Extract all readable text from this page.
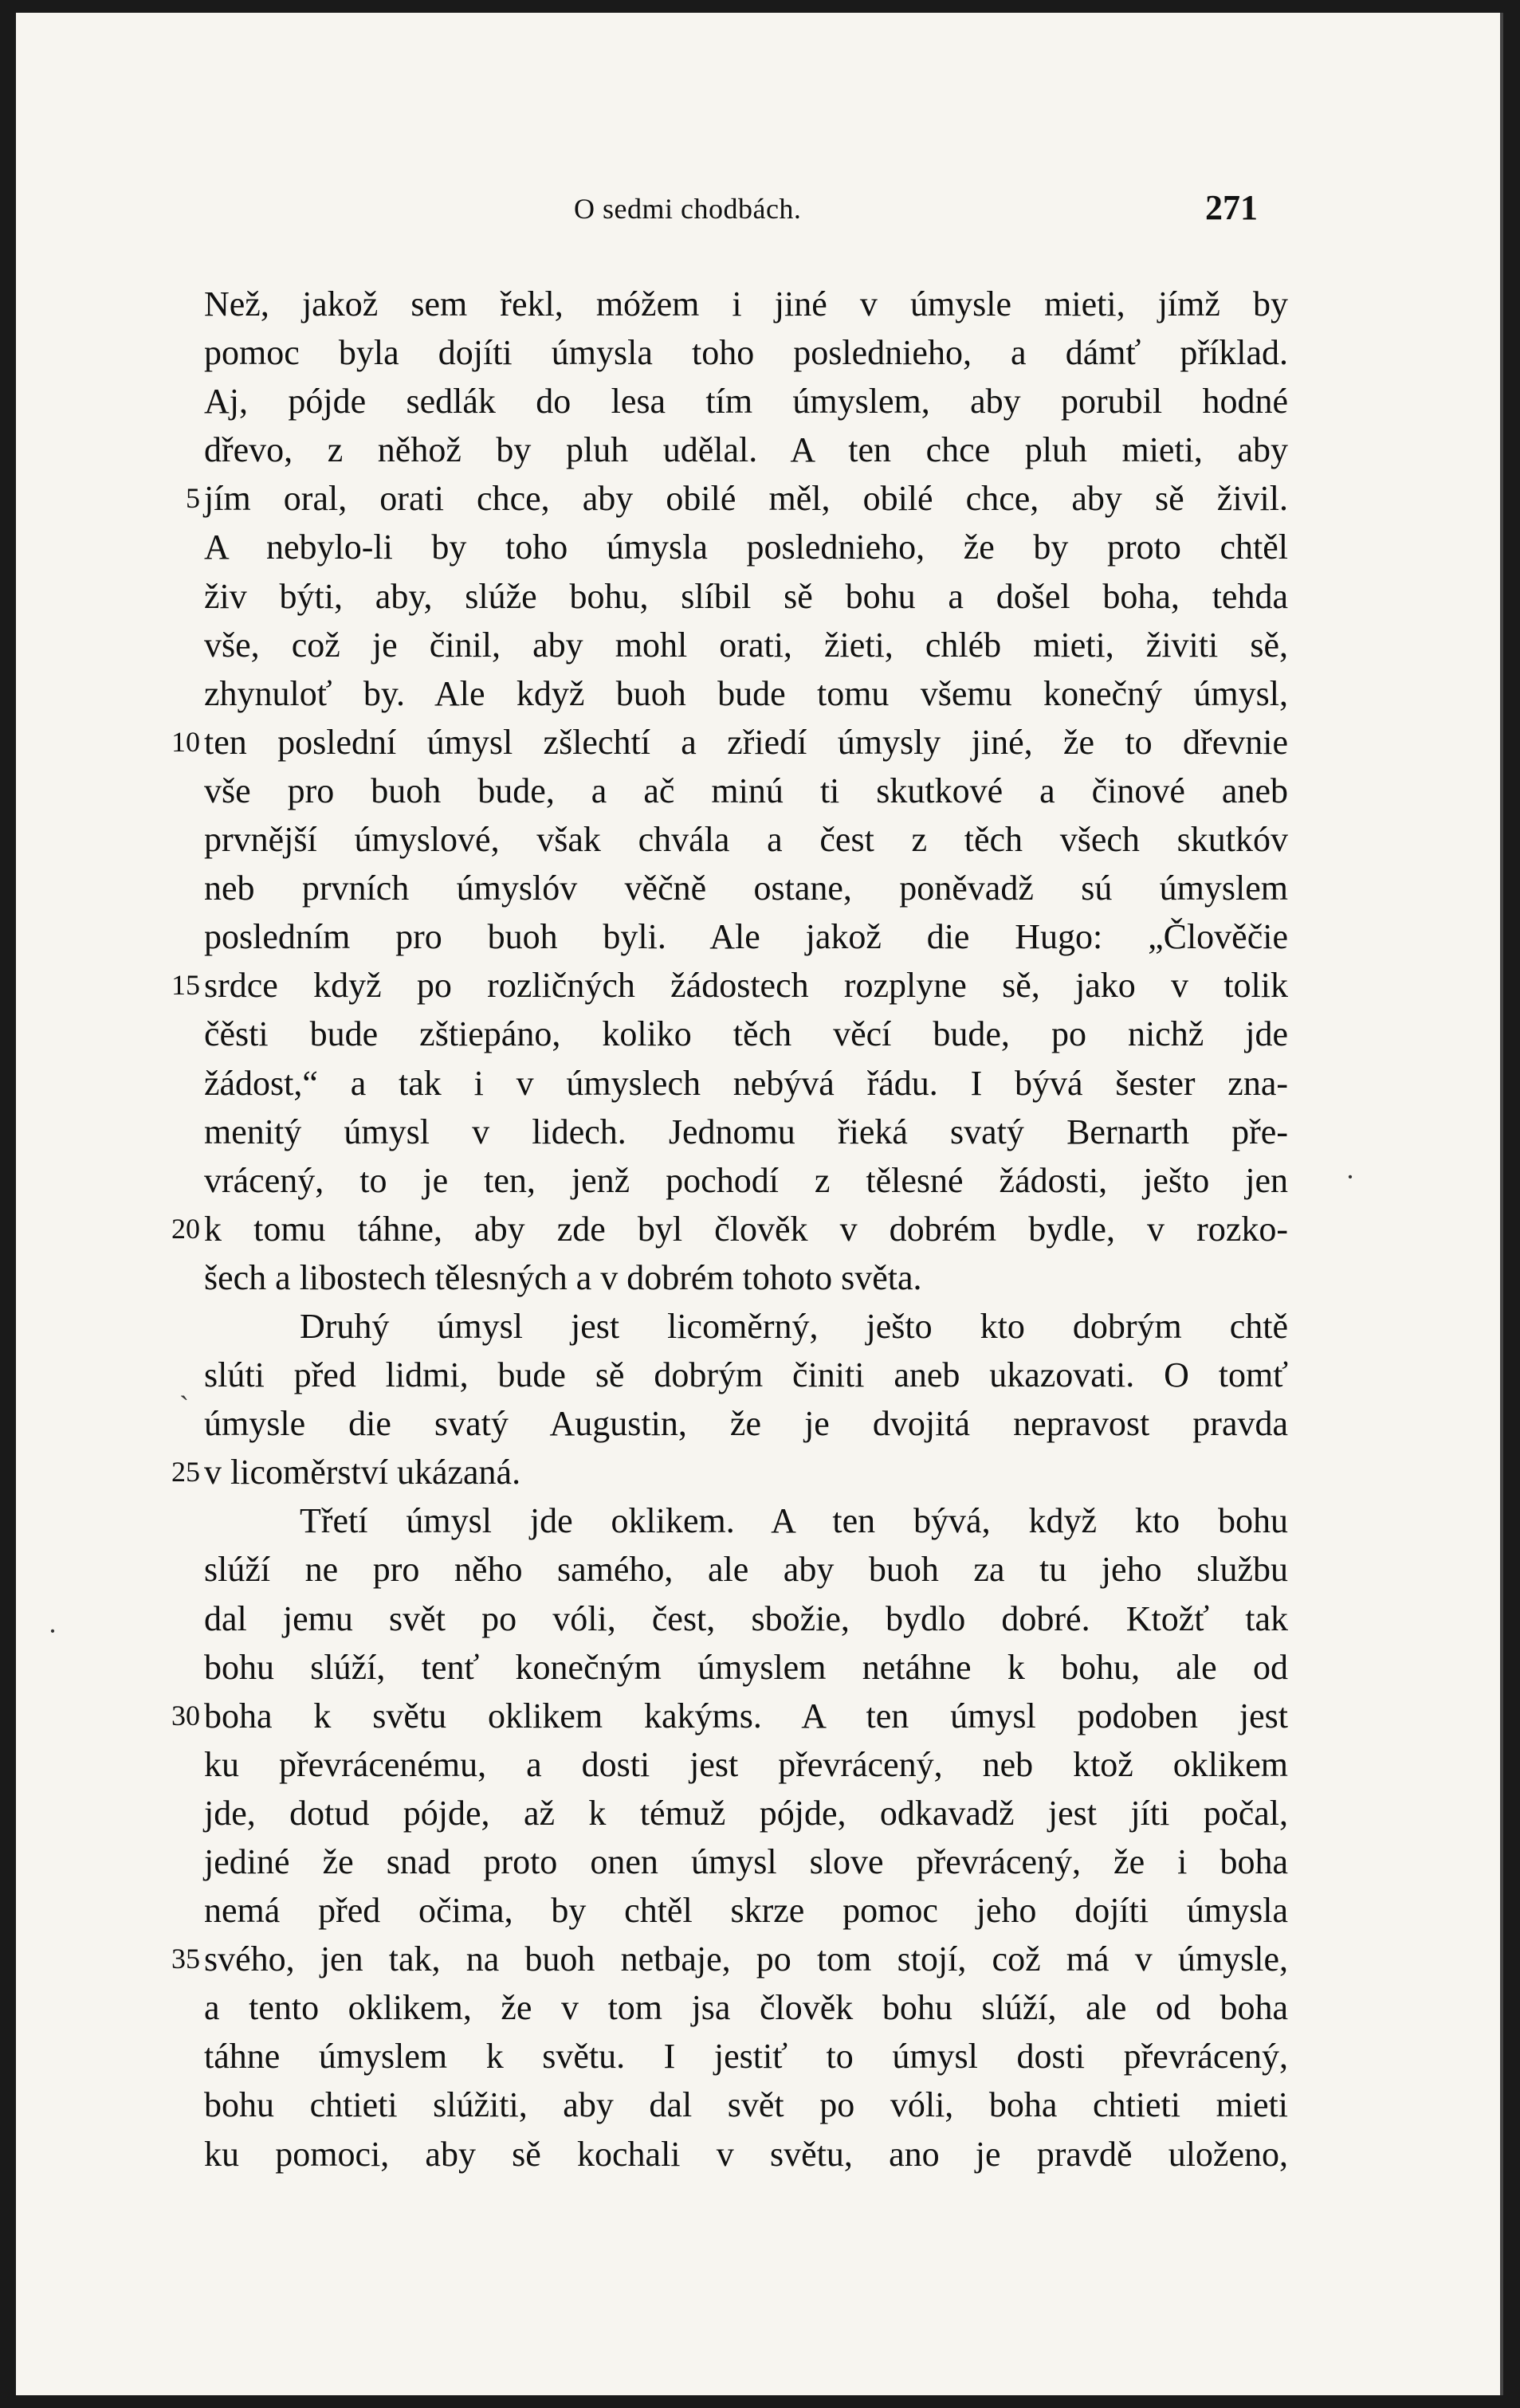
O sedmi chodbách.	271
Než, jakož sem řekl, móžem i jiné v úmysle mieti, jímž by
pomoc byla dojíti úmysla toho poslednieho, a dámť příklad.
Aj, pójde sedlák do lesa tím úmyslem, aby porubil hodné
dřevo, z něhož by pluh udělal. A ten chce pluh mieti, aby
5 jím oral, orati chce, aby obilé měl, obilé chce, aby sě živil.
A nebylo-li by toho úmysla poslednieho, že by proto chtěl
živ býti, aby, slúže bohu, slíbil sě bohu a došel boha, tehda
vše, což je činil, aby mohl orati, žieti, chléb mieti, živiti sě,
zhynuloť by. Ale když buoh bude tomu všemu konečný úmysl,
10 ten poslední úmysl zšlechtí a zřiedí úmysly jiné, že to dřevnie
vše pro buoh bude, a ač minú ti skutkové a činové aneb
prvnější úmyslové, však chvála a čest z těch všech skutkóv
neb prvních úmyslóv věčně ostane, poněvadž sú úmyslem
posledním pro buoh byli. Ale jakož die Hugo: „Člověčie
15 srdce když po rozličných žádostech rozplyne sě, jako v tolik
čěsti bude zštiepáno, koliko těch věcí bude, po nichž jde
žádost,“ a tak i v úmyslech nebývá řádu. I bývá šester zna-
menitý úmysl v lidech. Jednomu řieká svatý Bernarth pře-
vrácený, to je ten, jenž pochodí z tělesné žádosti, ješto jen
20 k tomu táhne, aby zde byl člověk v dobrém bydle, v rozko-
šech a libostech tělesných a v dobrém tohoto světa.
Druhý úmysl jest licoměrný, ješto kto dobrým chtě
slúti před lidmi, bude sě dobrým činiti aneb ukazovati. O tomť
úmysle die svatý Augustin, že je dvojitá nepravost pravda
25 v licoměrství ukázaná.
Třetí úmysl jde oklikem. A ten bývá, když kto bohu
slúží ne pro něho samého, ale aby buoh za tu jeho službu
dal jemu svět po vóli, čest, sbožie, bydlo dobré. Ktožť tak
bohu slúží, tenť konečným úmyslem netáhne k bohu, ale od
30 boha k světu oklikem kakýms. A ten úmysl podoben jest
ku převrácenému, a dosti jest převrácený, neb ktož oklikem
jde, dotud pójde, až k témuž pójde, odkavadž jest jíti počal,
jediné že snad proto onen úmysl slove převrácený, že i boha
nemá před očima, by chtěl skrze pomoc jeho dojíti úmysla
35 svého, jen tak, na buoh netbaje, po tom stojí, což má v úmysle,
a tento oklikem, že v tom jsa člověk bohu slúží, ale od boha
táhne úmyslem k světu. I jestiť to úmysl dosti převrácený,
bohu chtieti slúžiti, aby dal svět po vóli, boha chtieti mieti
ku pomoci, aby sě kochali v světu, ano je pravdě uloženo,
ˏ
·
·
